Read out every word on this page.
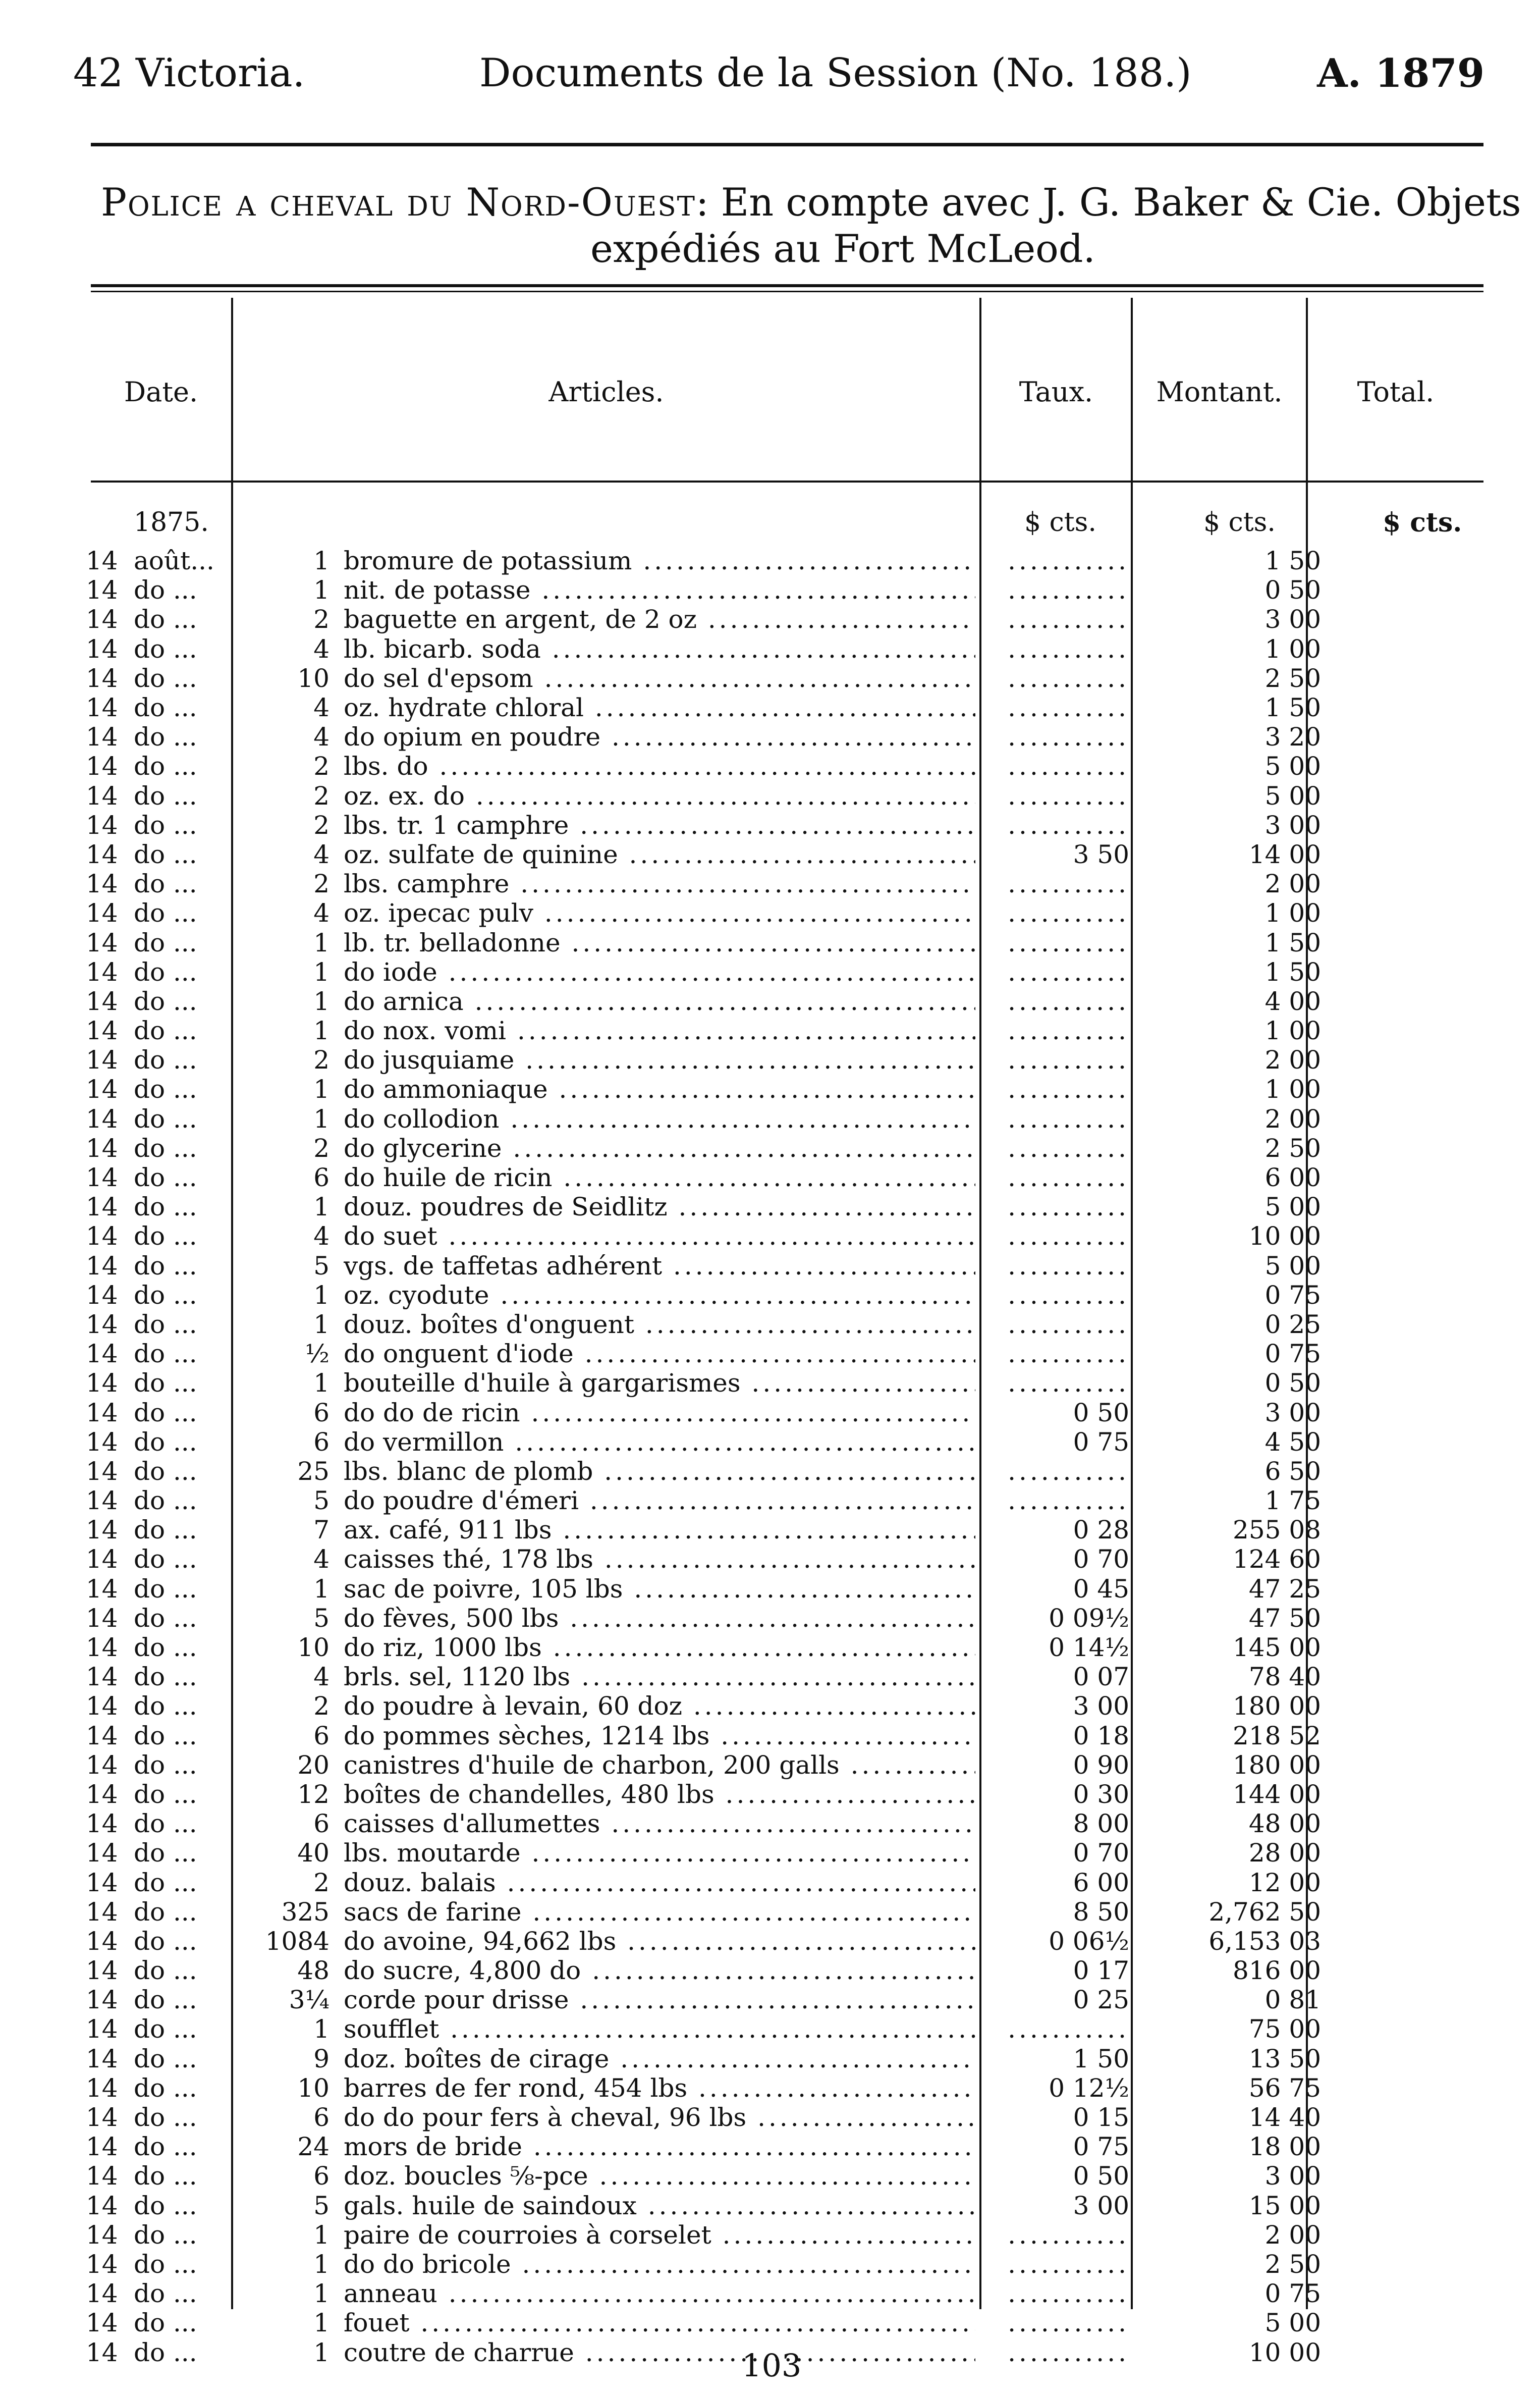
42 Victoria.	Documents de la Session (No. 188.)	A. 1879
Police a cheval du Nord-Ouest: En compte avec J. G. Baker & Cie. Objets
expédiés au Fort McLeod.
Date.	Articles.	Taux.	Montant.	Total.
1875.	$ cts.	$ cts.	$ cts.
14	août...	1	bromure de potassium .....	...........	1 50	
14	do ...	1	nit. de potasse .....	...........	0 50	
14	do ...	2	baguette en argent, de 2 oz .....	...........	3 00	
14	do ...	4	lb. bicarb. soda .....	...........	1 00	
14	do ...	10	do sel d'epsom .....	...........	2 50	
14	do ...	4	oz. hydrate chloral .....	...........	1 50	
14	do ...	4	do opium en poudre .....	...........	3 20	
14	do ...	2	lbs. do .....	...........	5 00	
14	do ...	2	oz. ex. do .....	...........	5 00	
14	do ...	2	lbs. tr. 1 camphre .....	...........	3 00	
14	do ...	4	oz. sulfate de quinine .....	3 50	14 00	
14	do ...	2	lbs. camphre .....	...........	2 00	
14	do ...	4	oz. ipecac pulv .....	...........	1 00	
14	do ...	1	lb. tr. belladonne .....	...........	1 50	
14	do ...	1	do iode .....	...........	1 50	
14	do ...	1	do arnica .....	...........	4 00	
14	do ...	1	do nox. vomi .....	...........	1 00	
14	do ...	2	do jusquiame .....	...........	2 00	
14	do ...	1	do ammoniaque .....	...........	1 00	
14	do ...	1	do collodion .....	...........	2 00	
14	do ...	2	do glycerine .....	...........	2 50	
14	do ...	6	do huile de ricin .....	...........	6 00	
14	do ...	1	douz. poudres de Seidlitz .....	...........	5 00	
14	do ...	4	do suet .....	...........	10 00	
14	do ...	5	vgs. de taffetas adhérent .....	...........	5 00	
14	do ...	1	oz. cyodute .....	...........	0 75	
14	do ...	1	douz. boîtes d'onguent .....	...........	0 25	
14	do ...	½	do onguent d'iode .....	...........	0 75	
14	do ...	1	bouteille d'huile à gargarismes .....	...........	0 50	
14	do ...	6	do do de ricin .....	0 50	3 00	
14	do ...	6	do vermillon .....	0 75	4 50	
14	do ...	25	lbs. blanc de plomb .....	...........	6 50	
14	do ...	5	do poudre d'émeri .....	...........	1 75	
14	do ...	7	ax. café, 911 lbs .....	0 28	255 08	
14	do ...	4	caisses thé, 178 lbs .....	0 70	124 60	
14	do ...	1	sac de poivre, 105 lbs .....	0 45	47 25	
14	do ...	5	do fèves, 500 lbs .....	0 09½	47 50	
14	do ...	10	do riz, 1000 lbs .....	0 14½	145 00	
14	do ...	4	brls. sel, 1120 lbs .....	0 07	78 40	
14	do ...	2	do poudre à levain, 60 doz .....	3 00	180 00	
14	do ...	6	do pommes sèches, 1214 lbs .....	0 18	218 52	
14	do ...	20	canistres d'huile de charbon, 200 galls .....	0 90	180 00	
14	do ...	12	boîtes de chandelles, 480 lbs .....	0 30	144 00	
14	do ...	6	caisses d'allumettes .....	8 00	48 00	
14	do ...	40	lbs. moutarde .....	0 70	28 00	
14	do ...	2	douz. balais .....	6 00	12 00	
14	do ...	325	sacs de farine .....	8 50	2,762 50	
14	do ...	1084	do avoine, 94,662 lbs .....	0 06½	6,153 03	
14	do ...	48	do sucre, 4,800 do .....	0 17	816 00	
14	do ...	3¼	corde pour drisse .....	0 25	0 81	
14	do ...	1	soufflet .....	...........	75 00	
14	do ...	9	doz. boîtes de cirage .....	1 50	13 50	
14	do ...	10	barres de fer rond, 454 lbs .....	0 12½	56 75	
14	do ...	6	do do pour fers à cheval, 96 lbs .....	0 15	14 40	
14	do ...	24	mors de bride .....	0 75	18 00	
14	do ...	6	doz. boucles ⅝-pce .....	0 50	3 00	
14	do ...	5	gals. huile de saindoux .....	3 00	15 00	
14	do ...	1	paire de courroies à corselet .....	...........	2 00	
14	do ...	1	do do bricole .....	...........	2 50	
14	do ...	1	anneau .....	...........	0 75	
14	do ...	1	fouet .....	...........	5 00	
14	do ...	1	coutre de charrue .....	...........	10 00	
103
